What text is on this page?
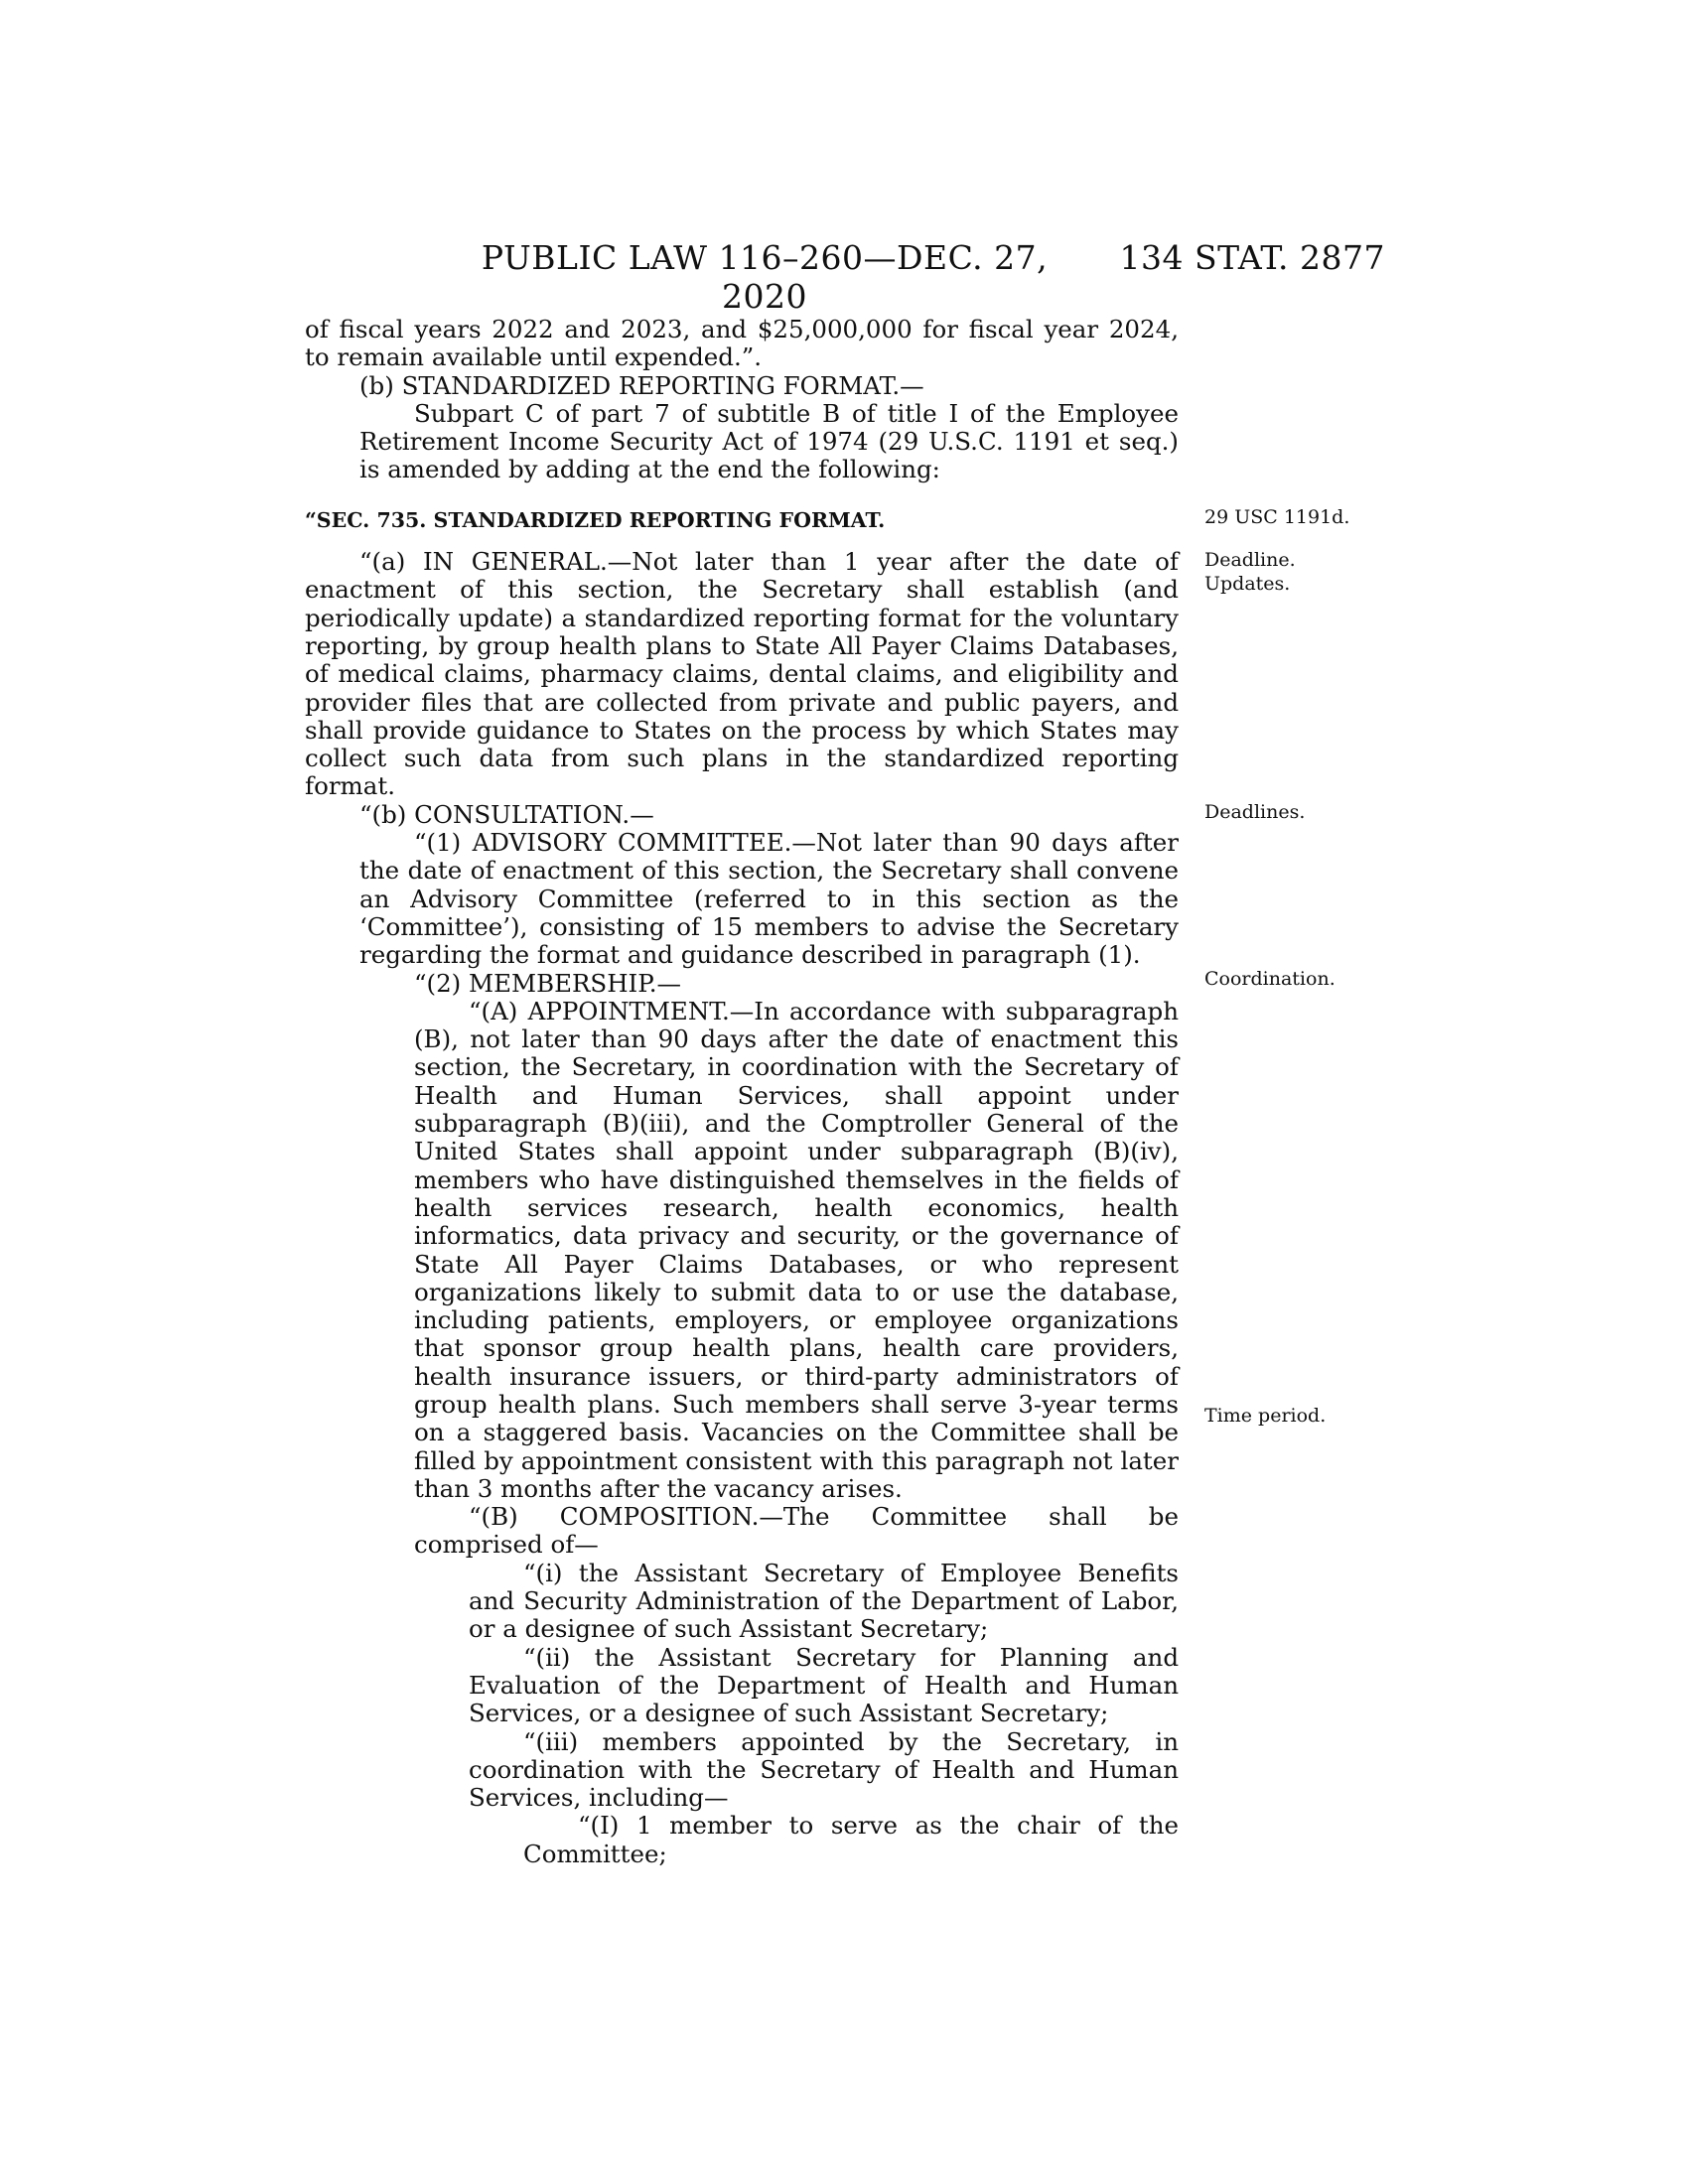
PUBLIC LAW 116–260—DEC. 27, 2020
134 STAT. 2877

of fiscal years 2022 and 2023, and $25,000,000 for fiscal year 2024, to remain available until expended.”.

(b) STANDARDIZED REPORTING FORMAT.—

Subpart C of part 7 of subtitle B of title I of the Employee Retirement Income Security Act of 1974 (29 U.S.C. 1191 et seq.) is amended by adding at the end the following:

“SEC. 735. STANDARDIZED REPORTING FORMAT.

“(a) IN GENERAL.—Not later than 1 year after the date of enactment of this section, the Secretary shall establish (and periodically update) a standardized reporting format for the voluntary reporting, by group health plans to State All Payer Claims Databases, of medical claims, pharmacy claims, dental claims, and eligibility and provider files that are collected from private and public payers, and shall provide guidance to States on the process by which States may collect such data from such plans in the standardized reporting format.

“(b) CONSULTATION.—

“(1) ADVISORY COMMITTEE.—Not later than 90 days after the date of enactment of this section, the Secretary shall convene an Advisory Committee (referred to in this section as the ‘Committee’), consisting of 15 members to advise the Secretary regarding the format and guidance described in paragraph (1).

“(2) MEMBERSHIP.—

“(A) APPOINTMENT.—In accordance with subparagraph (B), not later than 90 days after the date of enactment this section, the Secretary, in coordination with the Secretary of Health and Human Services, shall appoint under subparagraph (B)(iii), and the Comptroller General of the United States shall appoint under subparagraph (B)(iv), members who have distinguished themselves in the fields of health services research, health economics, health informatics, data privacy and security, or the governance of State All Payer Claims Databases, or who represent organizations likely to submit data to or use the database, including patients, employers, or employee organizations that sponsor group health plans, health care providers, health insurance issuers, or third-party administrators of group health plans. Such members shall serve 3-year terms on a staggered basis. Vacancies on the Committee shall be filled by appointment consistent with this paragraph not later than 3 months after the vacancy arises.

“(B) COMPOSITION.—The Committee shall be comprised of—

“(i) the Assistant Secretary of Employee Benefits and Security Administration of the Department of Labor, or a designee of such Assistant Secretary;

“(ii) the Assistant Secretary for Planning and Evaluation of the Department of Health and Human Services, or a designee of such Assistant Secretary;

“(iii) members appointed by the Secretary, in coordination with the Secretary of Health and Human Services, including—

“(I) 1 member to serve as the chair of the Committee;

29 USC 1191d.
Deadline.
Updates.
Deadlines.
Coordination.
Time period.
